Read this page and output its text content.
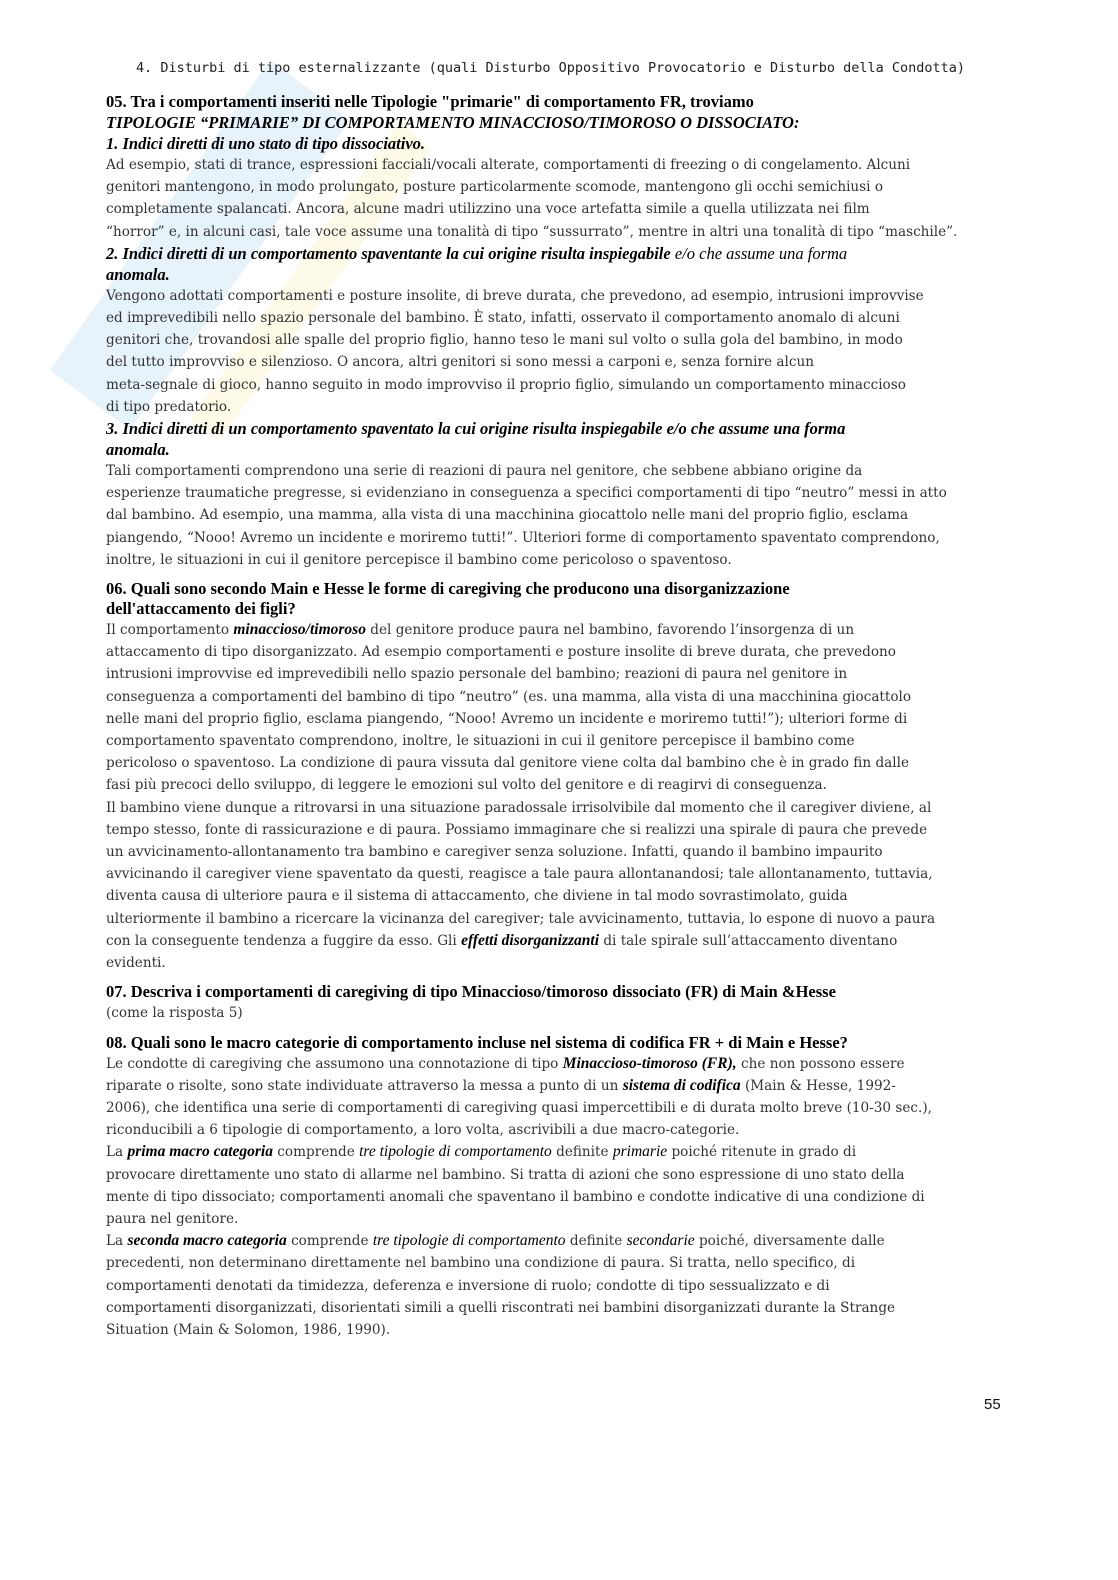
4. Disturbi di tipo esternalizzante (quali Disturbo Oppositivo Provocatorio e Disturbo della Condotta)

05. Tra i comportamenti inseriti nelle Tipologie "primarie" di comportamento FR, troviamo

TIPOLOGIE “PRIMARIE” DI COMPORTAMENTO MINACCIOSO/TIMOROSO O DISSOCIATO:

1. Indici diretti di uno stato di tipo dissociativo.

Ad esempio, stati di trance, espressioni facciali/vocali alterate, comportamenti di freezing o di congelamento. Alcuni

genitori mantengono, in modo prolungato, posture particolarmente scomode, mantengono gli occhi semichiusi o

completamente spalancati. Ancora, alcune madri utilizzino una voce artefatta simile a quella utilizzata nei film

“horror” e, in alcuni casi, tale voce assume una tonalità di tipo “sussurrato”, mentre in altri una tonalità di tipo “maschile”.

2. Indici diretti di un comportamento spaventante la cui origine risulta inspiegabile e/o che assume una forma

anomala.

Vengono adottati comportamenti e posture insolite, di breve durata, che prevedono, ad esempio, intrusioni improvvise

ed imprevedibili nello spazio personale del bambino. È stato, infatti, osservato il comportamento anomalo di alcuni

genitori che, trovandosi alle spalle del proprio figlio, hanno teso le mani sul volto o sulla gola del bambino, in modo

del tutto improvviso e silenzioso. O ancora, altri genitori si sono messi a carponi e, senza fornire alcun

meta-segnale di gioco, hanno seguito in modo improvviso il proprio figlio, simulando un comportamento minaccioso

di tipo predatorio.

3. Indici diretti di un comportamento spaventato la cui origine risulta inspiegabile e/o che assume una forma

anomala.

Tali comportamenti comprendono una serie di reazioni di paura nel genitore, che sebbene abbiano origine da

esperienze traumatiche pregresse, si evidenziano in conseguenza a specifici comportamenti di tipo “neutro” messi in atto

dal bambino. Ad esempio, una mamma, alla vista di una macchinina giocattolo nelle mani del proprio figlio, esclama

piangendo, “Nooo! Avremo un incidente e moriremo tutti!”. Ulteriori forme di comportamento spaventato comprendono,

inoltre, le situazioni in cui il genitore percepisce il bambino come pericoloso o spaventoso.

06. Quali sono secondo Main e Hesse le forme di caregiving che producono una disorganizzazione

dell'attaccamento dei figli?

Il comportamento minaccioso/timoroso del genitore produce paura nel bambino, favorendo l’insorgenza di un

attaccamento di tipo disorganizzato. Ad esempio comportamenti e posture insolite di breve durata, che prevedono

intrusioni improvvise ed imprevedibili nello spazio personale del bambino; reazioni di paura nel genitore in

conseguenza a comportamenti del bambino di tipo “neutro” (es. una mamma, alla vista di una macchinina giocattolo

nelle mani del proprio figlio, esclama piangendo, “Nooo! Avremo un incidente e moriremo tutti!”); ulteriori forme di

comportamento spaventato comprendono, inoltre, le situazioni in cui il genitore percepisce il bambino come

pericoloso o spaventoso. La condizione di paura vissuta dal genitore viene colta dal bambino che è in grado fin dalle

fasi più precoci dello sviluppo, di leggere le emozioni sul volto del genitore e di reagirvi di conseguenza.

Il bambino viene dunque a ritrovarsi in una situazione paradossale irrisolvibile dal momento che il caregiver diviene, al

tempo stesso, fonte di rassicurazione e di paura. Possiamo immaginare che si realizzi una spirale di paura che prevede

un avvicinamento-allontanamento tra bambino e caregiver senza soluzione. Infatti, quando il bambino impaurito

avvicinando il caregiver viene spaventato da questi, reagisce a tale paura allontanandosi; tale allontanamento, tuttavia,

diventa causa di ulteriore paura e il sistema di attaccamento, che diviene in tal modo sovrastimolato, guida

ulteriormente il bambino a ricercare la vicinanza del caregiver; tale avvicinamento, tuttavia, lo espone di nuovo a paura

con la conseguente tendenza a fuggire da esso. Gli effetti disorganizzanti di tale spirale sull’attaccamento diventano

evidenti.

07. Descriva i comportamenti di caregiving di tipo Minaccioso/timoroso dissociato (FR) di Main &Hesse

(come la risposta 5)

08. Quali sono le macro categorie di comportamento incluse nel sistema di codifica FR + di Main e Hesse?

Le condotte di caregiving che assumono una connotazione di tipo Minaccioso-timoroso (FR), che non possono essere

riparate o risolte, sono state individuate attraverso la messa a punto di un sistema di codifica (Main & Hesse, 1992-

2006), che identifica una serie di comportamenti di caregiving quasi impercettibili e di durata molto breve (10-30 sec.),

riconducibili a 6 tipologie di comportamento, a loro volta, ascrivibili a due macro-categorie.

La prima macro categoria comprende tre tipologie di comportamento definite primarie poiché ritenute in grado di

provocare direttamente uno stato di allarme nel bambino. Si tratta di azioni che sono espressione di uno stato della

mente di tipo dissociato; comportamenti anomali che spaventano il bambino e condotte indicative di una condizione di

paura nel genitore.

La seconda macro categoria comprende tre tipologie di comportamento definite secondarie poiché, diversamente dalle

precedenti, non determinano direttamente nel bambino una condizione di paura. Si tratta, nello specifico, di

comportamenti denotati da timidezza, deferenza e inversione di ruolo; condotte di tipo sessualizzato e di

comportamenti disorganizzati, disorientati simili a quelli riscontrati nei bambini disorganizzati durante la Strange

Situation (Main & Solomon, 1986, 1990).

55
